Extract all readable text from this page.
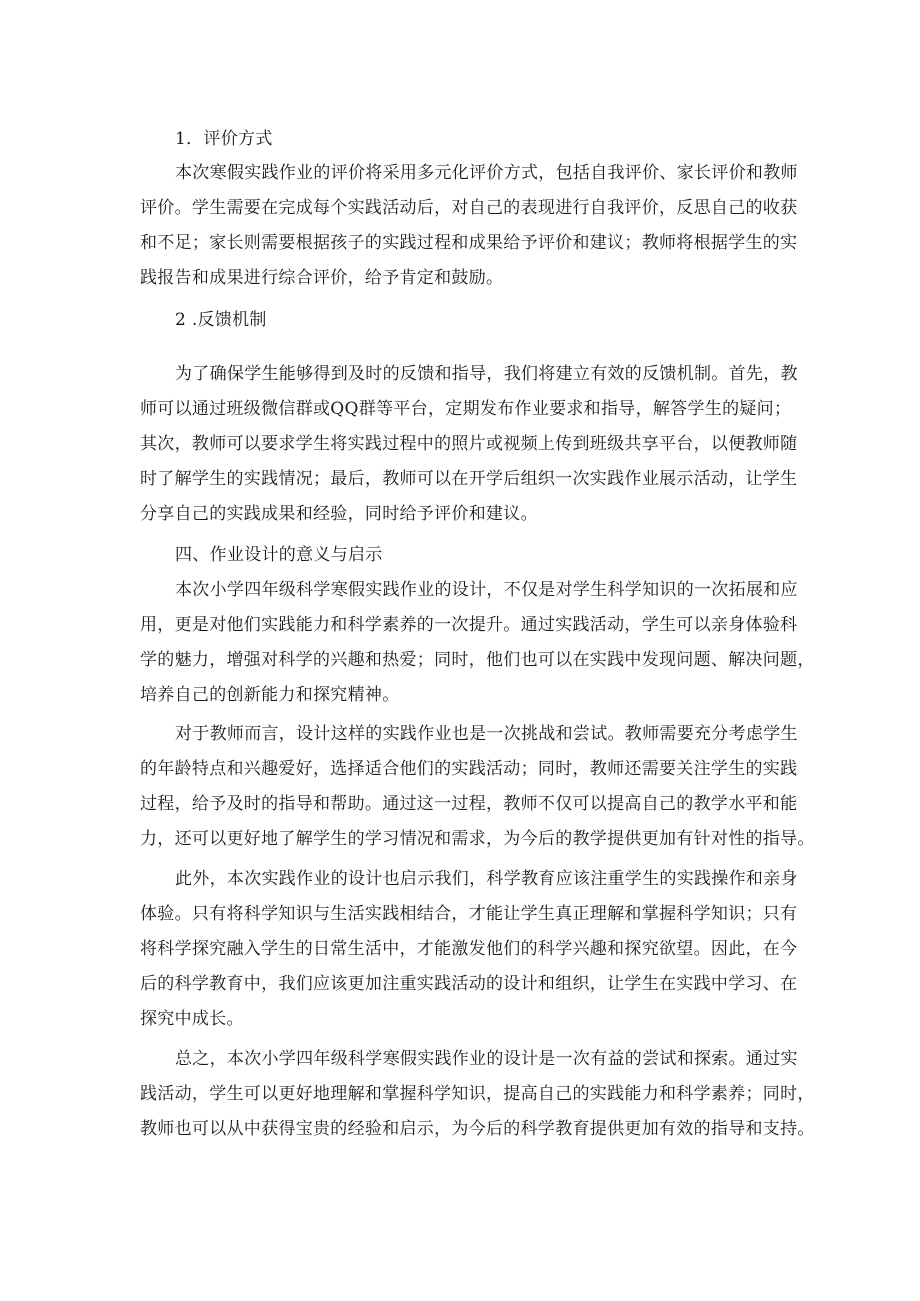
1．评价方式
本次寒假实践作业的评价将采用多元化评价方式，包括自我评价、家长评价和教师
评价。学生需要在完成每个实践活动后，对自己的表现进行自我评价，反思自己的收获
和不足；家长则需要根据孩子的实践过程和成果给予评价和建议；教师将根据学生的实
践报告和成果进行综合评价，给予肯定和鼓励。
2 .反馈机制
为了确保学生能够得到及时的反馈和指导，我们将建立有效的反馈机制。首先，教
师可以通过班级微信群或QQ群等平台，定期发布作业要求和指导，解答学生的疑问；
其次，教师可以要求学生将实践过程中的照片或视频上传到班级共享平台，以便教师随
时了解学生的实践情况；最后，教师可以在开学后组织一次实践作业展示活动，让学生
分享自己的实践成果和经验，同时给予评价和建议。
四、作业设计的意义与启示
本次小学四年级科学寒假实践作业的设计，不仅是对学生科学知识的一次拓展和应
用，更是对他们实践能力和科学素养的一次提升。通过实践活动，学生可以亲身体验科
学的魅力，增强对科学的兴趣和热爱；同时，他们也可以在实践中发现问题、解决问题，
培养自己的创新能力和探究精神。
对于教师而言，设计这样的实践作业也是一次挑战和尝试。教师需要充分考虑学生
的年龄特点和兴趣爱好，选择适合他们的实践活动；同时，教师还需要关注学生的实践
过程，给予及时的指导和帮助。通过这一过程，教师不仅可以提高自己的教学水平和能
力，还可以更好地了解学生的学习情况和需求，为今后的教学提供更加有针对性的指导。
此外，本次实践作业的设计也启示我们，科学教育应该注重学生的实践操作和亲身
体验。只有将科学知识与生活实践相结合，才能让学生真正理解和掌握科学知识；只有
将科学探究融入学生的日常生活中，才能激发他们的科学兴趣和探究欲望。因此，在今
后的科学教育中，我们应该更加注重实践活动的设计和组织，让学生在实践中学习、在
探究中成长。
总之，本次小学四年级科学寒假实践作业的设计是一次有益的尝试和探索。通过实
践活动，学生可以更好地理解和掌握科学知识，提高自己的实践能力和科学素养；同时，
教师也可以从中获得宝贵的经验和启示，为今后的科学教育提供更加有效的指导和支持。
